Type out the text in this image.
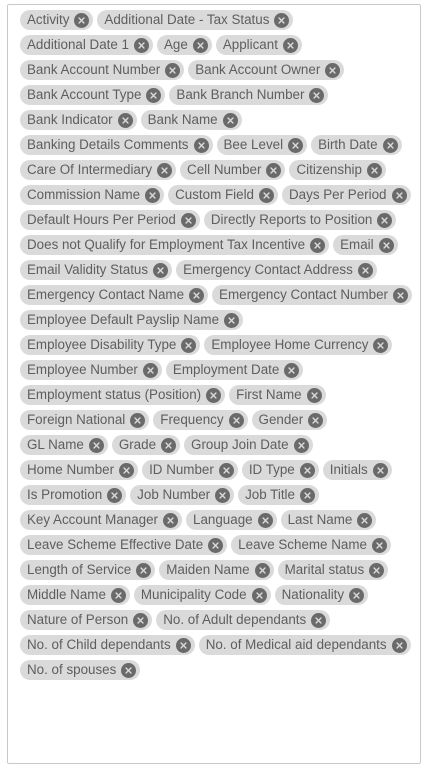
Activity	Additional Date - Tax Status
Additional Date 1	Age	Applicant
Bank Account Number	Bank Account Owner
Bank Account Type	Bank Branch Number
Bank Indicator	Bank Name
Banking Details Comments	Bee Level	Birth Date
Care Of Intermediary	Cell Number	Citizenship
Commission Name	Custom Field	Days Per Period
Default Hours Per Period	Directly Reports to Position
Does not Qualify for Employment Tax Incentive	Email
Email Validity Status	Emergency Contact Address
Emergency Contact Name	Emergency Contact Number
Employee Default Payslip Name
Employee Disability Type	Employee Home Currency
Employee Number	Employment Date
Employment status (Position)	First Name
Foreign National	Frequency	Gender
GL Name	Grade	Group Join Date
Home Number	ID Number	ID Type	Initials
Is Promotion	Job Number	Job Title
Key Account Manager	Language	Last Name
Leave Scheme Effective Date	Leave Scheme Name
Length of Service	Maiden Name	Marital status
Middle Name	Municipality Code	Nationality
Nature of Person	No. of Adult dependants
No. of Child dependants	No. of Medical aid dependants
No. of spouses
